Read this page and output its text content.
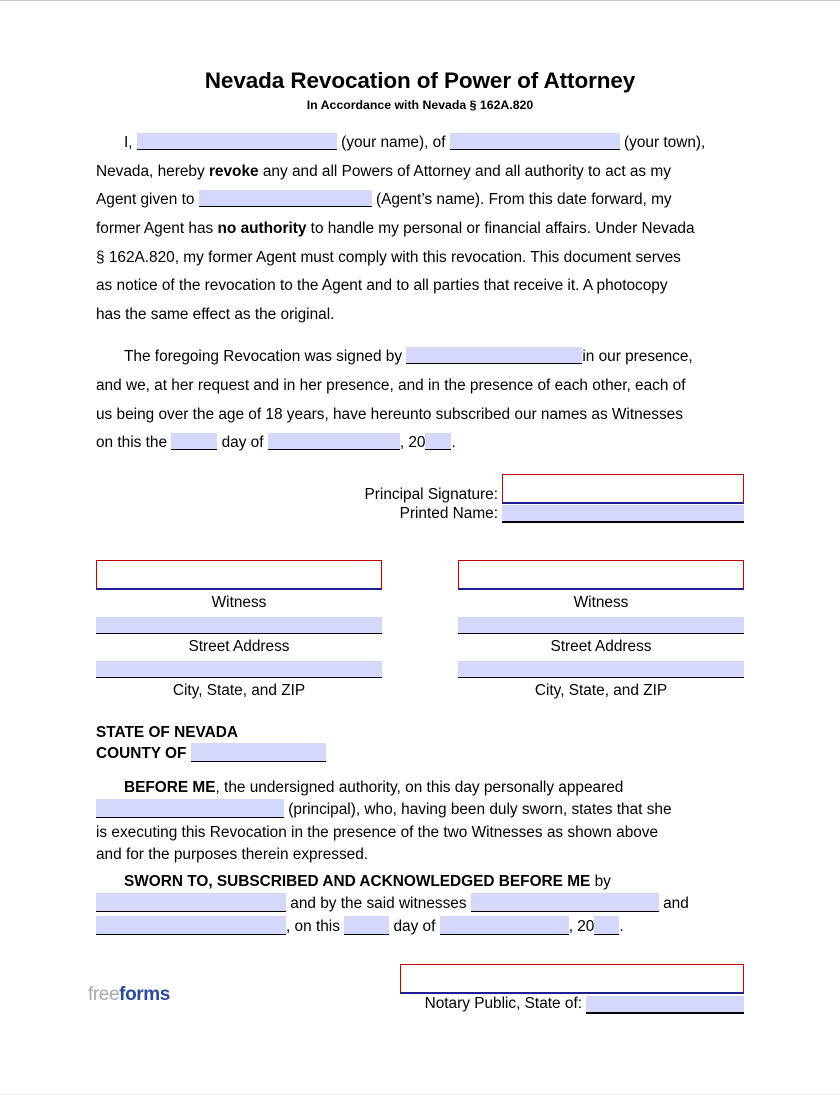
Nevada Revocation of Power of Attorney
In Accordance with Nevada § 162A.820
I,	(your name), of	(your town),
Nevada, hereby revoke any and all Powers of Attorney and all authority to act as my
Agent given to	(Agent’s name). From this date forward, my
former Agent has no authority to handle my personal or financial affairs. Under Nevada
§ 162A.820, my former Agent must comply with this revocation. This document serves
as notice of the revocation to the Agent and to all parties that receive it. A photocopy
has the same effect as the original.
The foregoing Revocation was signed by	in our presence,
and we, at her request and in her presence, and in the presence of each other, each of
us being over the age of 18 years, have hereunto subscribed our names as Witnesses
on this the	day of	, 20 .
Principal Signature:
Printed Name:
Witness
Street Address
City, State, and ZIP
Witness
Street Address
City, State, and ZIP
STATE OF NEVADA
COUNTY OF
BEFORE ME, the undersigned authority, on this day personally appeared
(principal), who, having been duly sworn, states that she
is executing this Revocation in the presence of the two Witnesses as shown above
and for the purposes therein expressed.
SWORN TO, SUBSCRIBED AND ACKNOWLEDGED BEFORE ME by
and by the said witnesses	and
, on this	day of	, 20 .
Notary Public, State of:
freeforms
